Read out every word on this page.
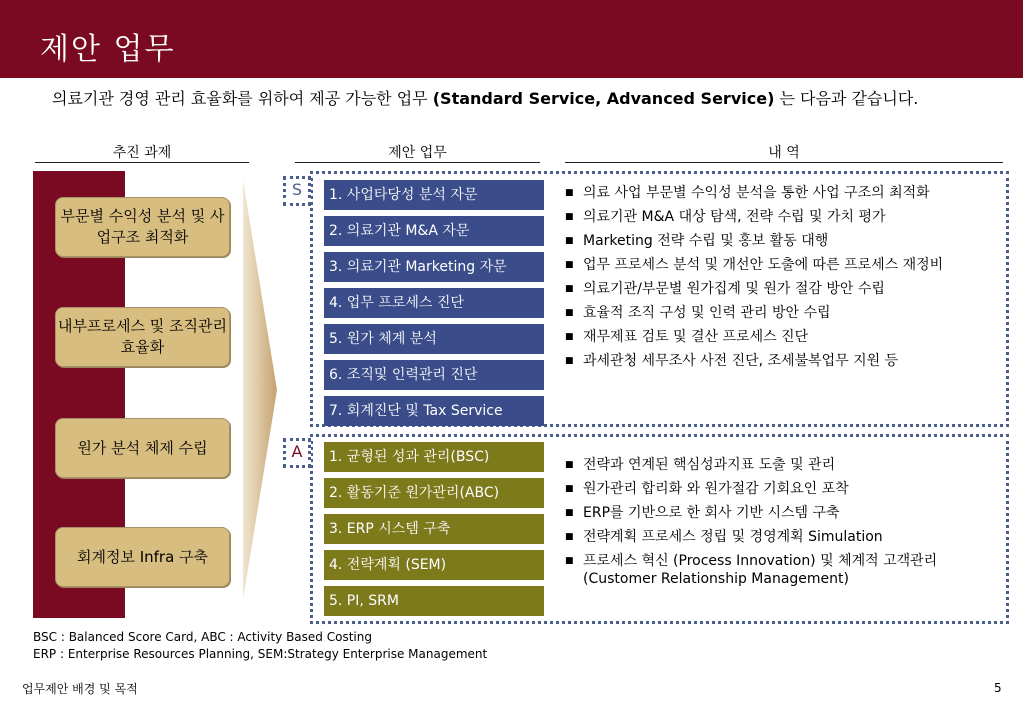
제안 업무
의료기관 경영 관리 효율화를 위하여 제공 가능한 업무 (Standard Service, Advanced Service) 는 다음과 같습니다.
추진 과제	제안 업무	내 역
부문별 수익성 분석 및 사업구조 최적화
내부프로세스 및 조직관리 효율화
원가 분석 체제 수립
회계정보 Infra 구축
S	1. 사업타당성 분석 자문
2. 의료기관 M&A 자문
3. 의료기관 Marketing 자문
4. 업무 프로세스 진단
5. 원가 체계 분석
6. 조직및 인력관리 진단
7. 회계진단 및 Tax Service
■ 의료 사업 부문별 수익성 분석을 통한 사업 구조의 최적화
■ 의료기관 M&A 대상 탐색, 전략 수립 및 가치 평가
■ Marketing 전략 수립 및 홍보 활동 대행
■ 업무 프로세스 분석 및 개선안 도출에 따른 프로세스 재정비
■ 의료기관/부문별 원가집계 및 원가 절감 방안 수립
■ 효율적 조직 구성 및 인력 관리 방안 수립
■ 재무제표 검토 및 결산 프로세스 진단
■ 과세관청 세무조사 사전 진단, 조세불복업무 지원 등
A	1. 균형된 성과 관리(BSC)
2. 활동기준 원가관리(ABC)
3. ERP 시스템 구축
4. 전략계획 (SEM)
5. PI, SRM
■ 전략과 연계된 핵심성과지표 도출 및 관리
■ 원가관리 합리화 와 원가절감 기회요인 포착
■ ERP를 기반으로 한 회사 기반 시스템 구축
■ 전략계획 프로세스 정립 및 경영계획 Simulation
■ 프로세스 혁신 (Process Innovation) 및 체계적 고객관리(Customer Relationship Management)
BSC : Balanced Score Card, ABC : Activity Based Costing
ERP : Enterprise Resources Planning, SEM:Strategy Enterprise Management
업무제안 배경 및 목적	5
